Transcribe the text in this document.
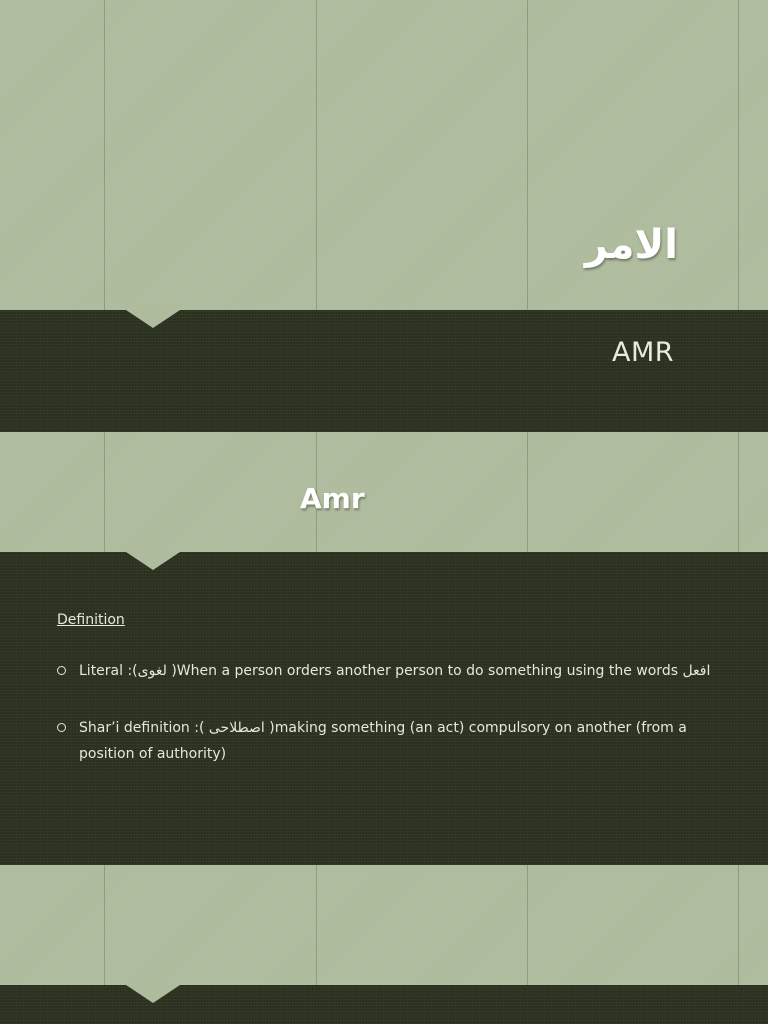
الامر
AMR
Amr
Definition
Literal :(لغوی )When a person orders another person to do something using the words افعل
Shar’i definition :( اصطلاحی )making something (an act) compulsory on another (from a position of authority)
